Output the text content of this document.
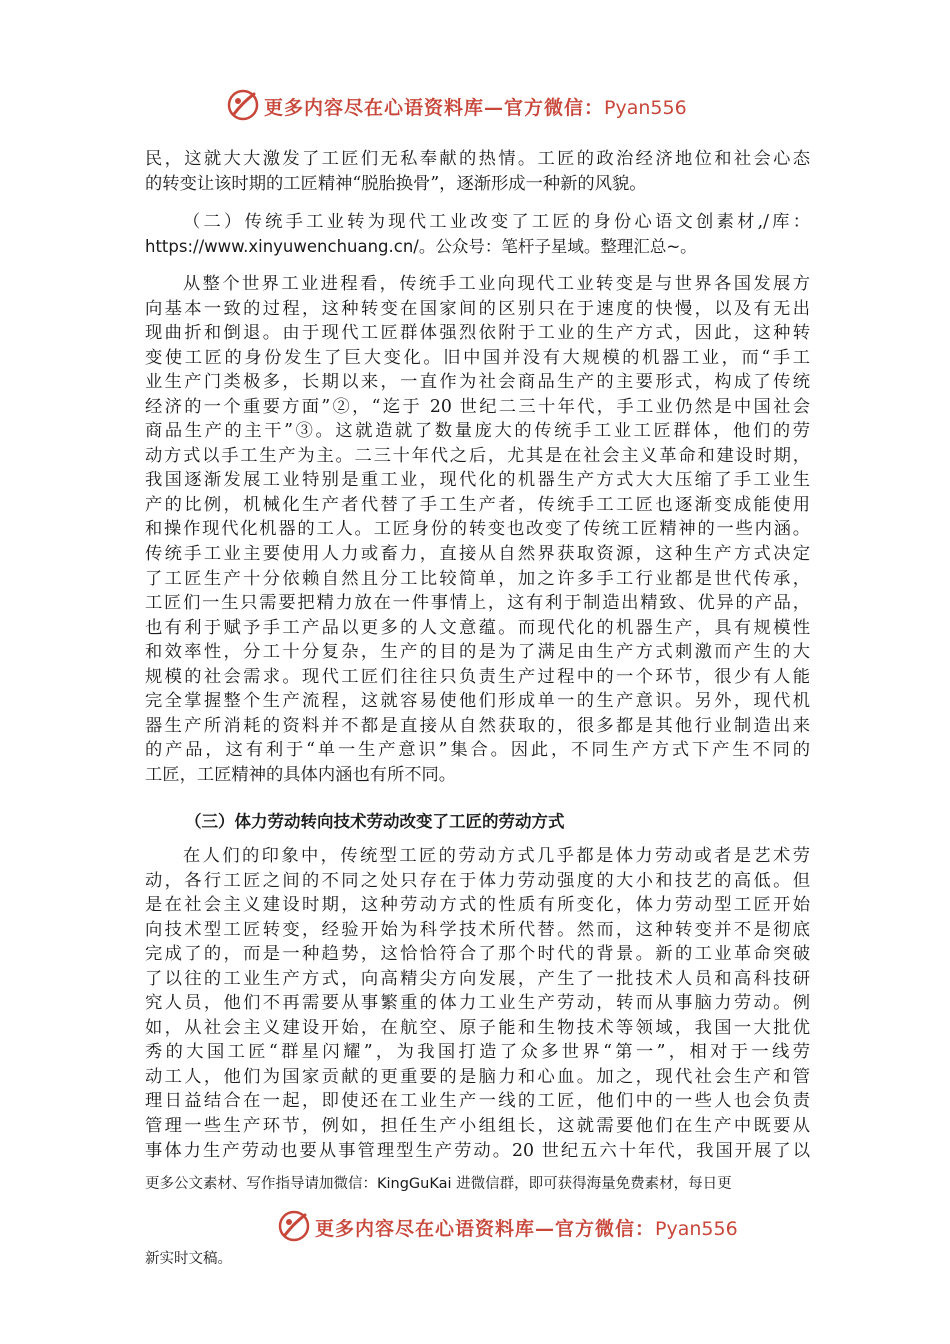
更多内容尽在心语资料库—官方微信：Pyan556
民，这就大大激发了工匠们无私奉献的热情。工匠的政治经济地位和社会心态
的转变让该时期的工匠精神“脱胎换骨”，逐渐形成一种新的风貌。
（二）传统手工业转为现代工业改变了工匠的身份心语文创素材,/库：
https://www.xinyuwenchuang.cn/。公众号：笔杆子星域。整理汇总~。
从整个世界工业进程看，传统手工业向现代工业转变是与世界各国发展方
向基本一致的过程，这种转变在国家间的区别只在于速度的快慢，以及有无出
现曲折和倒退。由于现代工匠群体强烈依附于工业的生产方式，因此，这种转
变使工匠的身份发生了巨大变化。旧中国并没有大规模的机器工业，而“手工
业生产门类极多，长期以来，一直作为社会商品生产的主要形式，构成了传统
经济的一个重要方面”②，“迄于 20 世纪二三十年代，手工业仍然是中国社会
商品生产的主干”③。这就造就了数量庞大的传统手工业工匠群体，他们的劳
动方式以手工生产为主。二三十年代之后，尤其是在社会主义革命和建设时期，
我国逐渐发展工业特别是重工业，现代化的机器生产方式大大压缩了手工业生
产的比例，机械化生产者代替了手工生产者，传统手工工匠也逐渐变成能使用
和操作现代化机器的工人。工匠身份的转变也改变了传统工匠精神的一些内涵。
传统手工业主要使用人力或畜力，直接从自然界获取资源，这种生产方式决定
了工匠生产十分依赖自然且分工比较简单，加之许多手工行业都是世代传承，
工匠们一生只需要把精力放在一件事情上，这有利于制造出精致、优异的产品，
也有利于赋予手工产品以更多的人文意蕴。而现代化的机器生产，具有规模性
和效率性，分工十分复杂，生产的目的是为了满足由生产方式刺激而产生的大
规模的社会需求。现代工匠们往往只负责生产过程中的一个环节，很少有人能
完全掌握整个生产流程，这就容易使他们形成单一的生产意识。另外，现代机
器生产所消耗的资料并不都是直接从自然获取的，很多都是其他行业制造出来
的产品，这有利于“单一生产意识”集合。因此，不同生产方式下产生不同的
工匠，工匠精神的具体内涵也有所不同。
（三）体力劳动转向技术劳动改变了工匠的劳动方式
在人们的印象中，传统型工匠的劳动方式几乎都是体力劳动或者是艺术劳
动，各行工匠之间的不同之处只存在于体力劳动强度的大小和技艺的高低。但
是在社会主义建设时期，这种劳动方式的性质有所变化，体力劳动型工匠开始
向技术型工匠转变，经验开始为科学技术所代替。然而，这种转变并不是彻底
完成了的，而是一种趋势，这恰恰符合了那个时代的背景。新的工业革命突破
了以往的工业生产方式，向高精尖方向发展，产生了一批技术人员和高科技研
究人员，他们不再需要从事繁重的体力工业生产劳动，转而从事脑力劳动。例
如，从社会主义建设开始，在航空、原子能和生物技术等领域，我国一大批优
秀的大国工匠“群星闪耀”，为我国打造了众多世界“第一”，相对于一线劳
动工人，他们为国家贡献的更重要的是脑力和心血。加之，现代社会生产和管
理日益结合在一起，即使还在工业生产一线的工匠，他们中的一些人也会负责
管理一些生产环节，例如，担任生产小组组长，这就需要他们在生产中既要从
事体力生产劳动也要从事管理型生产劳动。20 世纪五六十年代，我国开展了以
更多公文素材、写作指导请加微信：KingGuKai 进微信群，即可获得海量免费素材，每日更
更多内容尽在心语资料库—官方微信：Pyan556
新实时文稿。
